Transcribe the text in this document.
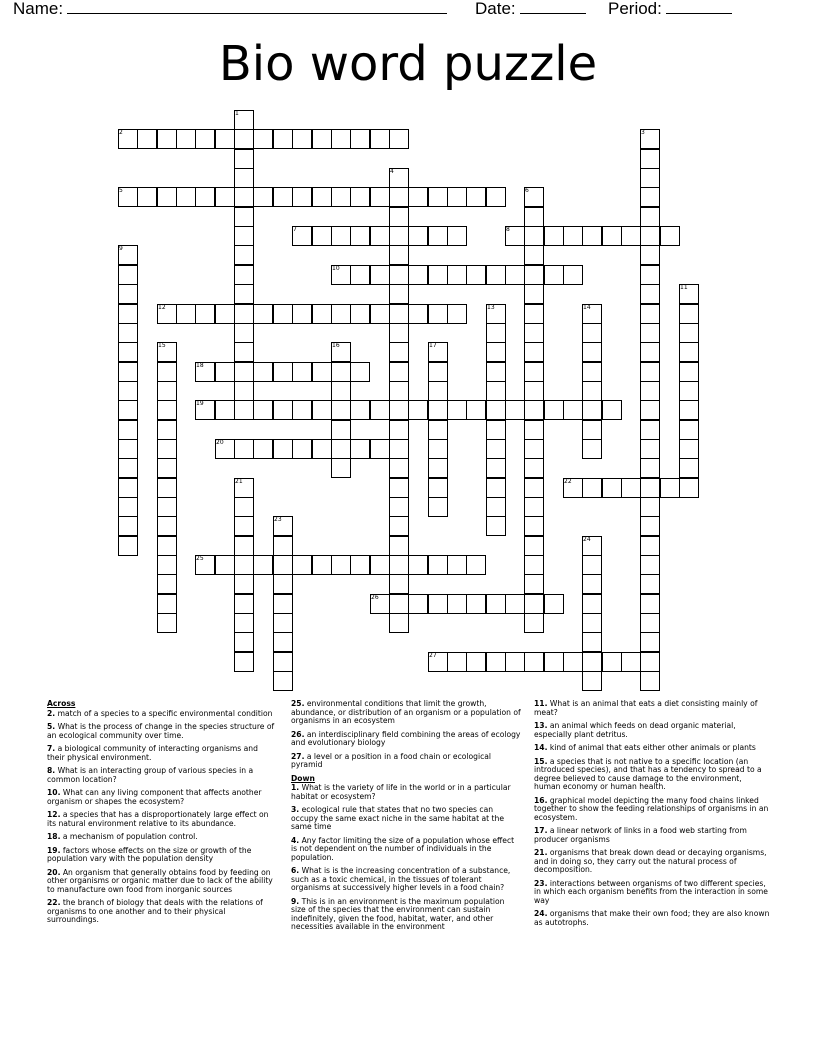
Name:	Date:	Period:
Bio word puzzle
1
2	3
4
5	6
7	8
9
10
11
12	13	14
15	16	17
18
19
20
21	22
23
24
25
26
27
Across
2. match of a species to a specific environmental condition
5. What is the process of change in the species structure of an ecological community over time.
7. a biological community of interacting organisms and their physical environment.
8. What is an interacting group of various species in a common location?
10. What can any living component that affects another organism or shapes the ecosystem?
12. a species that has a disproportionately large effect on its natural environment relative to its abundance.
18. a mechanism of population control.
19. factors whose effects on the size or growth of the population vary with the population density
20. An organism that generally obtains food by feeding on other organisms or organic matter due to lack of the ability to manufacture own food from inorganic sources
22. the branch of biology that deals with the relations of organisms to one another and to their physical surroundings.
25. environmental conditions that limit the growth, abundance, or distribution of an organism or a population of organisms in an ecosystem
26. an interdisciplinary field combining the areas of ecology and evolutionary biology
27. a level or a position in a food chain or ecological pyramid
Down
1. What is the variety of life in the world or in a particular habitat or ecosystem?
3. ecological rule that states that no two species can occupy the same exact niche in the same habitat at the same time
4. Any factor limiting the size of a population whose effect is not dependent on the number of individuals in the population.
6. What is is the increasing concentration of a substance, such as a toxic chemical, in the tissues of tolerant organisms at successively higher levels in a food chain?
9. This is in an environment is the maximum population size of the species that the environment can sustain indefinitely, given the food, habitat, water, and other necessities available in the environment
11. What is an animal that eats a diet consisting mainly of meat?
13. an animal which feeds on dead organic material, especially plant detritus.
14. kind of animal that eats either other animals or plants
15. a species that is not native to a specific location (an introduced species), and that has a tendency to spread to a degree believed to cause damage to the environment, human economy or human health.
16. graphical model depicting the many food chains linked together to show the feeding relationships of organisms in an ecosystem.
17. a linear network of links in a food web starting from producer organisms
21. organisms that break down dead or decaying organisms, and in doing so, they carry out the natural process of decomposition.
23. interactions between organisms of two different species, in which each organism benefits from the interaction in some way
24. organisms that make their own food; they are also known as autotrophs.
